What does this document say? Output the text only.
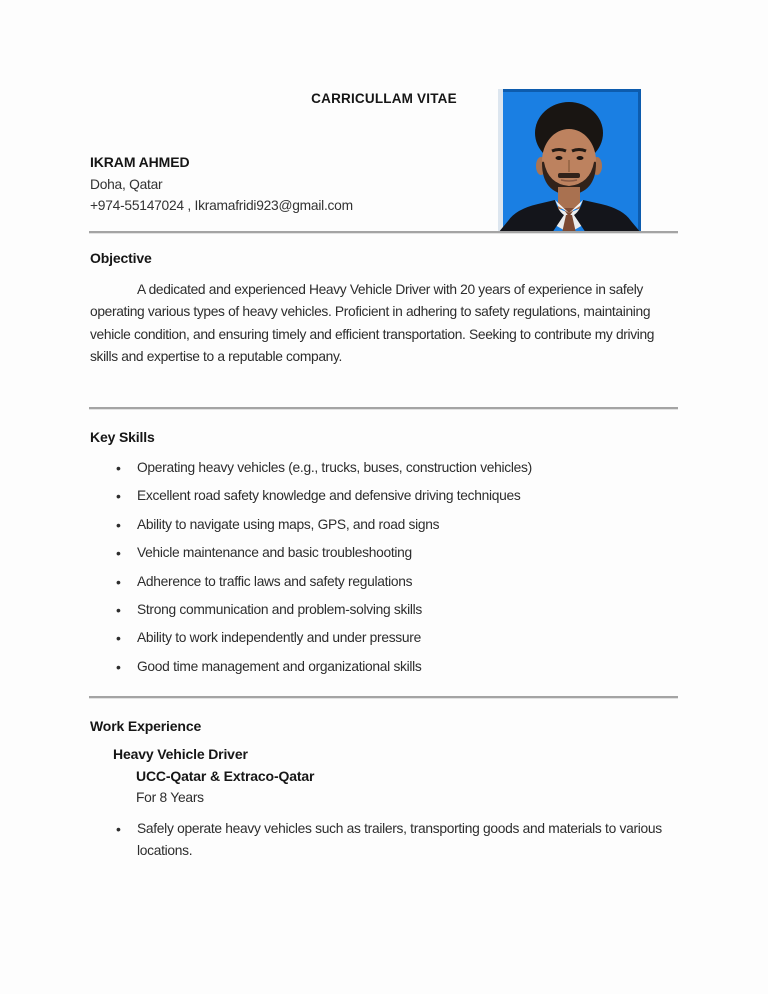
CARRICULLAM VITAE
IKRAM AHMED
Doha, Qatar
+974-55147024 , Ikramafridi923@gmail.com
Objective
A dedicated and experienced Heavy Vehicle Driver with 20 years of experience in safely operating various types of heavy vehicles. Proficient in adhering to safety regulations, maintaining vehicle condition, and ensuring timely and efficient transportation. Seeking to contribute my driving skills and expertise to a reputable company.
Key Skills
• Operating heavy vehicles (e.g., trucks, buses, construction vehicles)
• Excellent road safety knowledge and defensive driving techniques
• Ability to navigate using maps, GPS, and road signs
• Vehicle maintenance and basic troubleshooting
• Adherence to traffic laws and safety regulations
• Strong communication and problem-solving skills
• Ability to work independently and under pressure
• Good time management and organizational skills
Work Experience
Heavy Vehicle Driver
UCC-Qatar & Extraco-Qatar
For 8 Years
• Safely operate heavy vehicles such as trailers, transporting goods and materials to various locations.
